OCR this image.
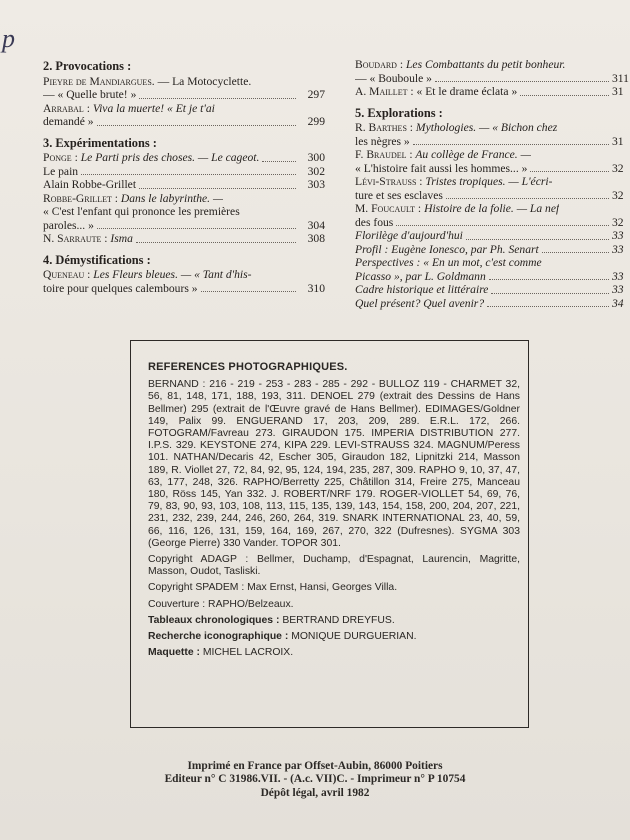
p
2. Provocations :
Pieyre de Mandiargues. — La Motocyclette.
— « Quelle brute! »	297
Arrabal : Viva la muerte! « Et je t'ai
demandé »	299
3. Expérimentations :
Ponge : Le Parti pris des choses. — Le cageot.	300
Le pain	302
Alain Robbe-Grillet	303
Robbe-Grillet : Dans le labyrinthe. —
« C'est l'enfant qui prononce les premières
paroles... »	304
N. Sarraute : Isma	308
4. Démystifications :
Queneau : Les Fleurs bleues. — « Tant d'his-
toire pour quelques calembours »	310
Boudard : Les Combattants du petit bonheur.
— « Bouboule »	311
A. Maillet : « Et le drame éclata »	31
5. Explorations :
R. Barthes : Mythologies. — « Bichon chez
les nègres »	31
F. Braudel : Au collège de France. —
« L'histoire fait aussi les hommes... »	32
Lévi-Strauss : Tristes tropiques. — L'écri-
ture et ses esclaves	32
M. Foucault : Histoire de la folie. — La nef
des fous	32
Florilège d'aujourd'hui	33
Profil : Eugène Ionesco, par Ph. Senart	33
Perspectives : « En un mot, c'est comme
Picasso », par L. Goldmann	33
Cadre historique et littéraire	33
Quel présent? Quel avenir?	34
REFERENCES PHOTOGRAPHIQUES.

BERNAND : 216 - 219 - 253 - 283 - 285 - 292 - BULLOZ 119 - CHARMET 32, 56, 81, 148, 171, 188, 193, 311. DENOEL 279 (extrait des Dessins de Hans Bellmer) 295 (extrait de l'Œuvre gravé de Hans Bellmer). EDIMAGES/Goldner 149, Palix 99. ENGUERAND 17, 203, 209, 289. E.R.L. 172, 266. FOTOGRAM/Favreau 273. GIRAUDON 175. IMPERIA DISTRIBUTION 277. I.P.S. 329. KEYSTONE 274, KIPA 229. LEVI-STRAUSS 324. MAGNUM/Peress 101. NATHAN/Decaris 42, Escher 305, Giraudon 182, Lipnitzki 214, Masson 189, R. Viollet 27, 72, 84, 92, 95, 124, 194, 235, 287, 309. RAPHO 9, 10, 37, 47, 63, 177, 248, 326. RAPHO/Berretty 225, Châtillon 314, Freire 275, Manceau 180, Röss 145, Yan 332. J. ROBERT/NRF 179. ROGER-VIOLLET 54, 69, 76, 79, 83, 90, 93, 103, 108, 113, 115, 135, 139, 143, 154, 158, 200, 204, 207, 221, 231, 232, 239, 244, 246, 260, 264, 319. SNARK INTERNATIONAL 23, 40, 59, 66, 116, 126, 131, 159, 164, 169, 267, 270, 322 (Dufresnes). SYGMA 303 (George Pierre) 330 Vander. TOPOR 301.

Copyright ADAGP : Bellmer, Duchamp, d'Espagnat, Laurencin, Magritte, Masson, Oudot, Tasliski.

Copyright SPADEM : Max Ernst, Hansi, Georges Villa.

Couverture : RAPHO/Belzeaux.

Tableaux chronologiques : BERTRAND DREYFUS.

Recherche iconographique : MONIQUE DURGUERIAN.

Maquette : MICHEL LACROIX.

Imprimé en France par Offset-Aubin, 86000 Poitiers
Editeur n° C 31986.VII. - (A.c. VII)C. - Imprimeur n° P 10754
Dépôt légal, avril 1982
